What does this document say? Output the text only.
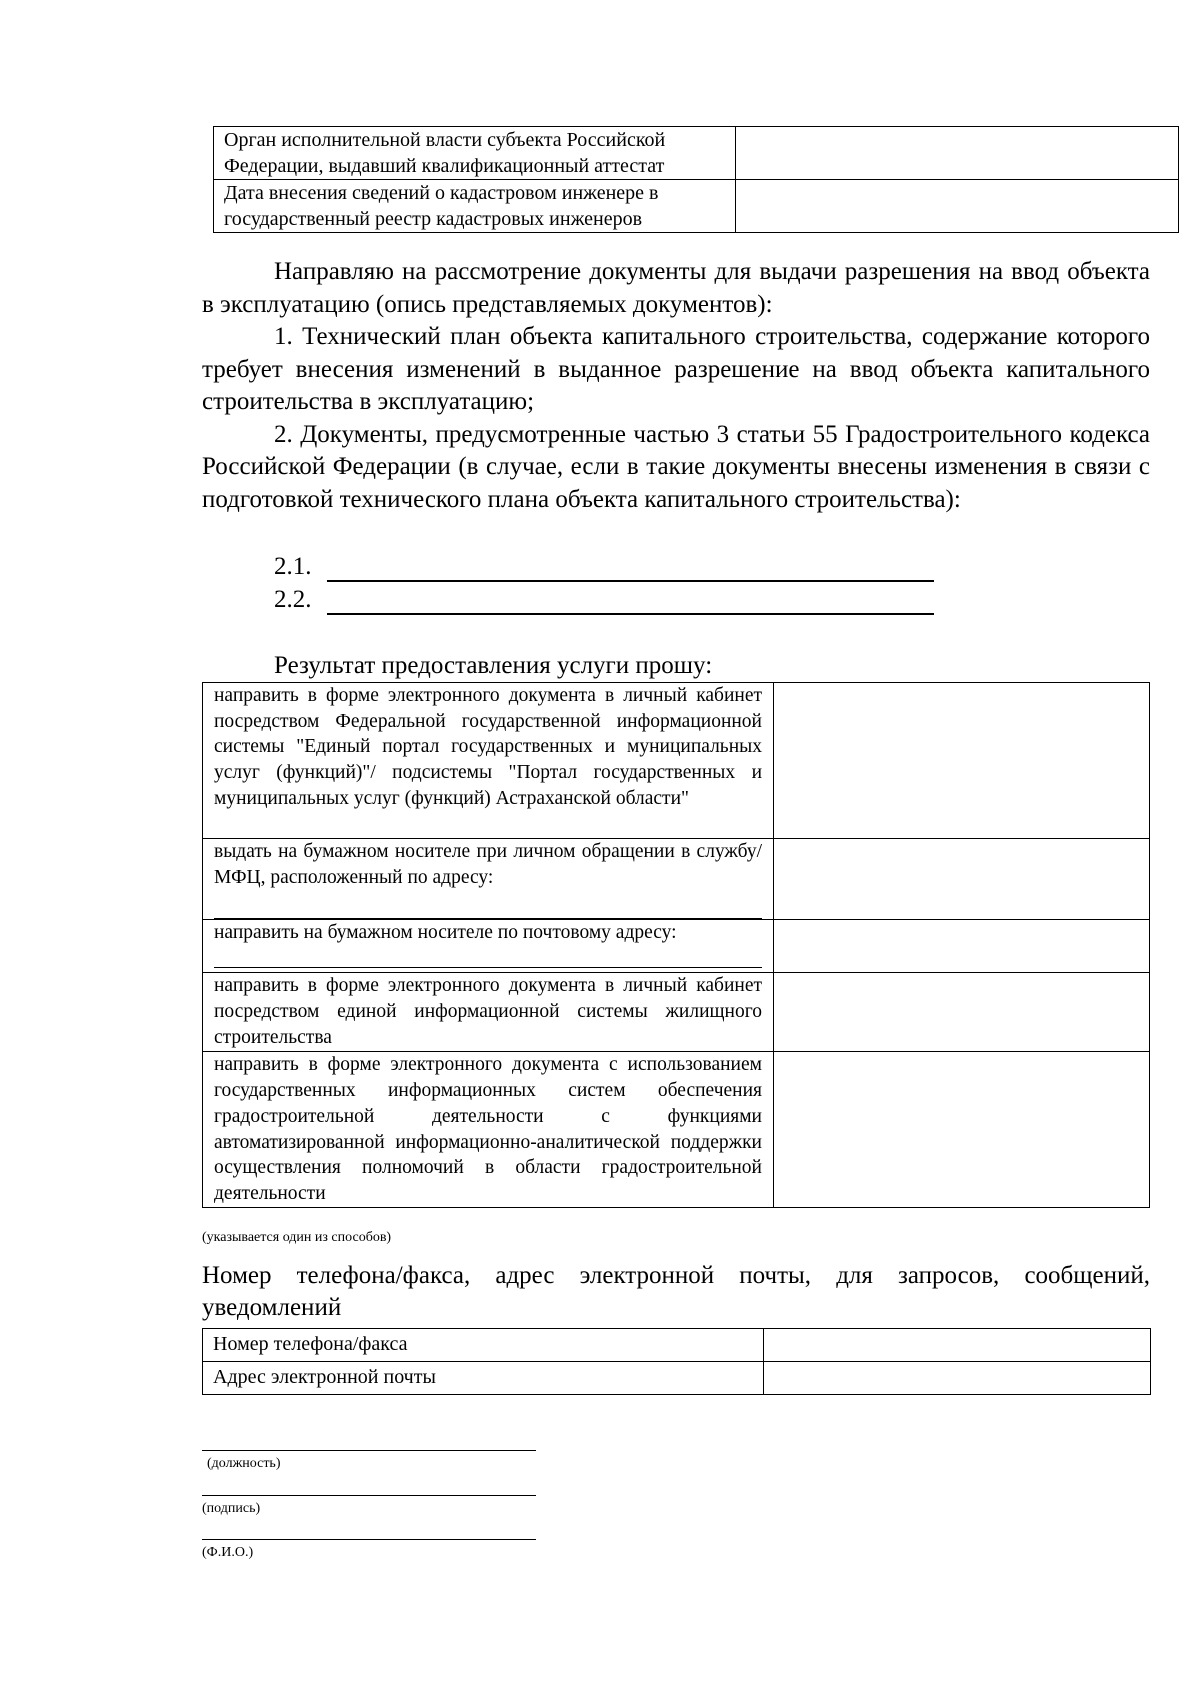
Орган исполнительной власти субъекта Российской Федерации, выдавший квалификационный аттестат	
Дата внесения сведений о кадастровом инженере в государственный реестр кадастровых инженеров	

Направляю на рассмотрение документы для выдачи разрешения на ввод объекта в эксплуатацию (опись представляемых документов):

1. Технический план объекта капитального строительства, содержание которого требует внесения изменений в выданное разрешение на ввод объекта капитального строительства в эксплуатацию;

2. Документы, предусмотренные частью 3 статьи 55 Градостроительного кодекса Российской Федерации (в случае, если в такие документы внесены изменения в связи с подготовкой технического плана объекта капитального строительства):

2.1.
2.2.
Результат предоставления услуги прошу:
направить в форме электронного документа в личный кабинет посредством Федеральной государственной информационной системы "Единый портал государственных и муниципальных услуг (функций)"/ подсистемы "Портал государственных и муниципальных услуг (функций) Астраханской области"	
выдать на бумажном носителе при личном обращении в службу/МФЦ, расположенный по адресу:

направить на бумажном носителе по почтовому адресу:

направить в форме электронного документа в личный кабинет посредством единой информационной системы жилищного строительства	
направить в форме электронного документа с использованием государственных информационных систем обеспечения градостроительной деятельности с функциями автоматизированной информационно-аналитической поддержки осуществления полномочий в области градостроительной деятельности	
(указывается один из способов)
Номер телефона/факса, адрес электронной почты, для запросов, сообщений, уведомлений
Номер телефона/факса	
Адрес электронной почты	
(должность)
(подпись)
(Ф.И.О.)
